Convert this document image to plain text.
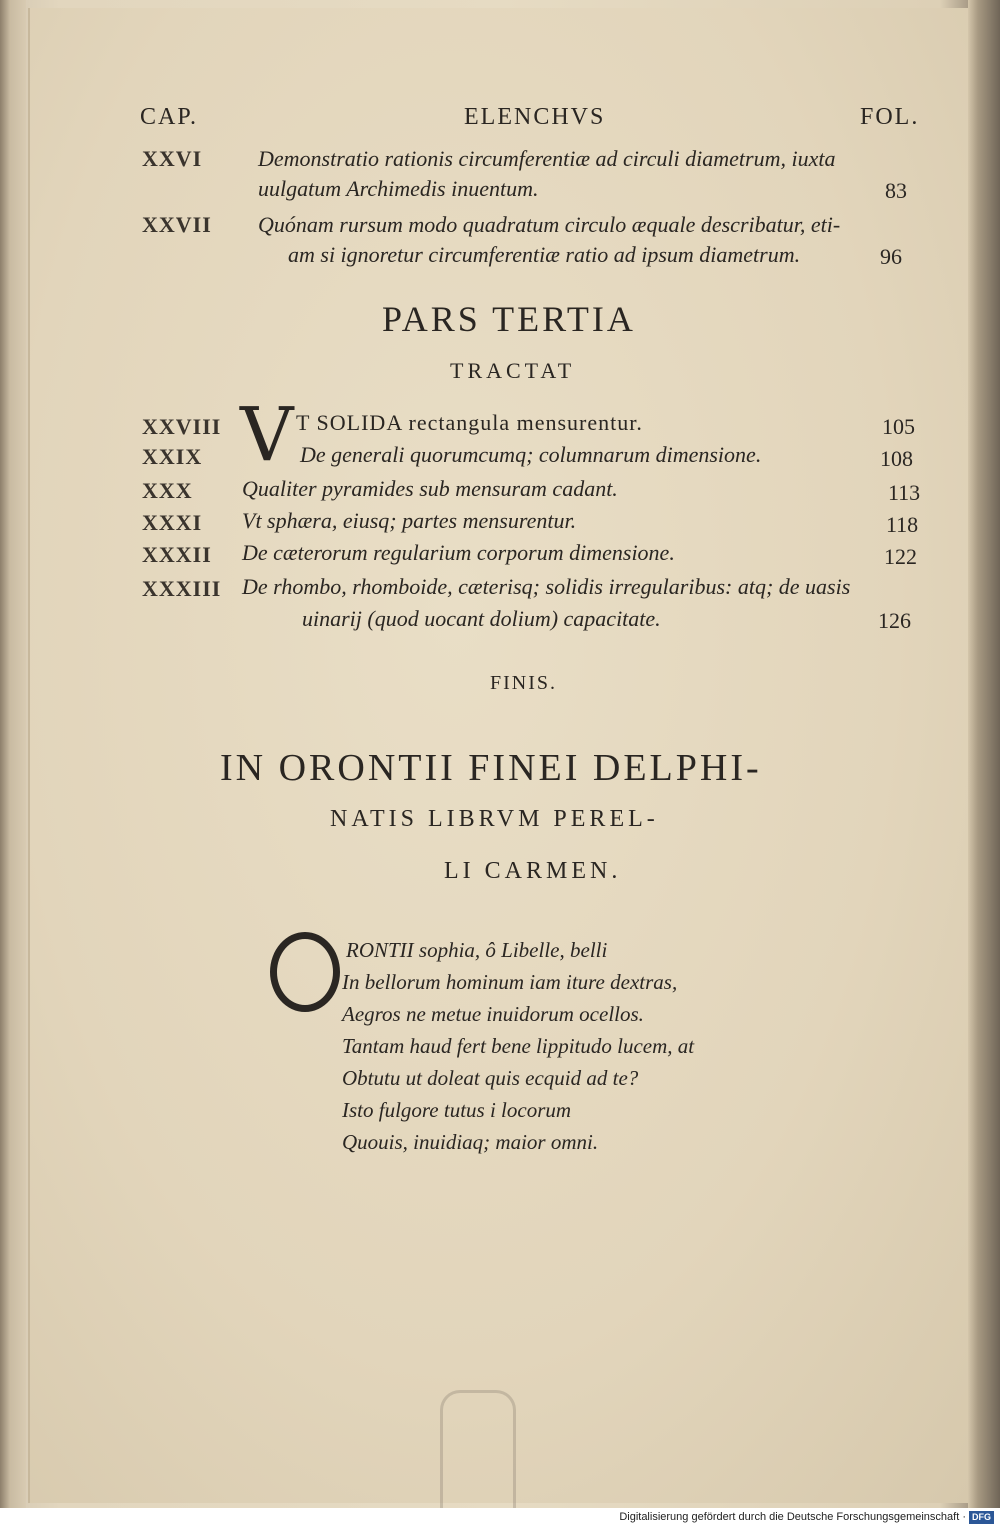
CAP.	ELENCHVS	FOL.
XXVI	Demonstratio rationis circumferentiæ ad circuli diametrum, iuxta
uulgatum Archimedis inuentum.	83
XXVII Quónam rursum modo quadratum circulo æquale describatur, eti-
am si ignoretur circumferentiæ ratio ad ipsum diametrum.	96
PARS TERTIA
TRACTAT
V
XXVIII	T SOLIDA rectangula mensurentur.	105
XXIX	De generali quorumcumq; columnarum dimensione.	108
XXX Qualiter pyramides sub mensuram cadant.	113
XXXI Vt sphæra, eiusq; partes mensurentur.	118
XXXII De cæterorum regularium corporum dimensione.	122
XXXIII De rhombo, rhomboide, cæterisq; solidis irregularibus: atq; de uasis
uinarij (quod uocant dolium) capacitate.	126
FINIS.
IN ORONTII FINEI DELPHI-
NATIS LIBRVM PEREL-
LI CARMEN.
RONTII sophia, ô Libelle, belli
In bellorum hominum iam iture dextras,
Aegros ne metue inuidorum ocellos.
Tantam haud fert bene lippitudo lucem, at
Obtutu ut doleat quis ecquid ad te?
Isto fulgore tutus i locorum
Quouis, inuidiaq; maior omni.
Digitalisierung gefördert durch die Deutsche Forschungsgemeinschaft · DFG
